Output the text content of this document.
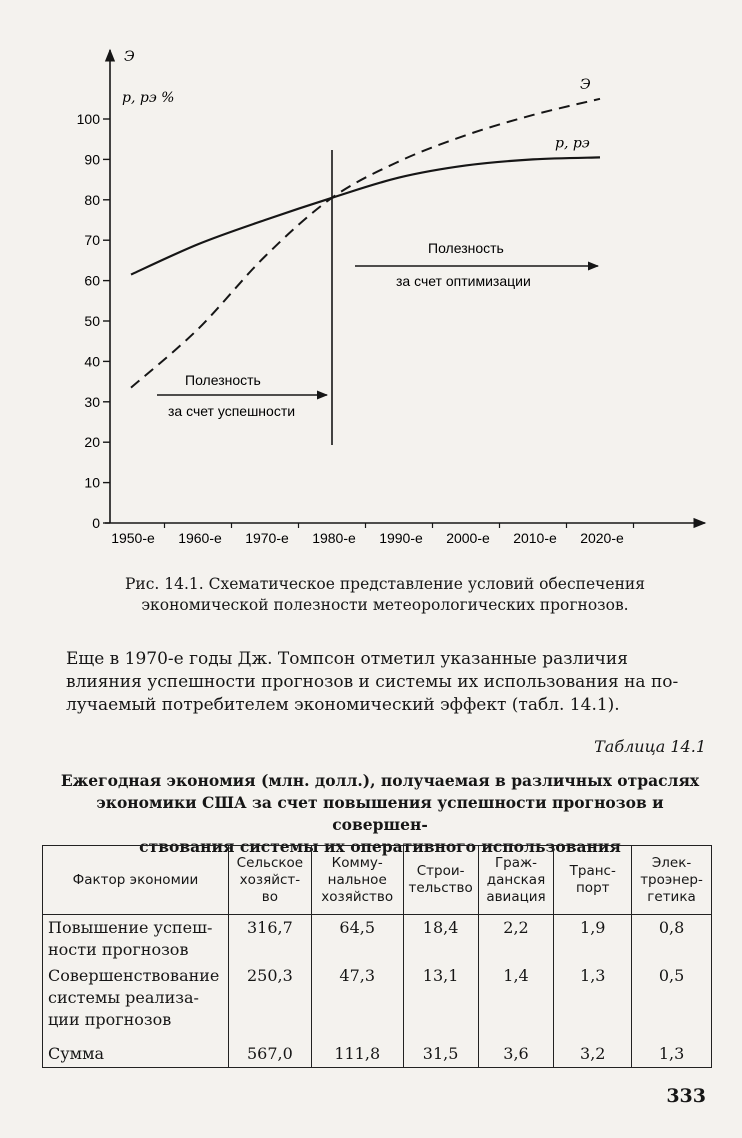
0
10
20
30
40
50
60
70
80
90
100
1950-е 1960-е 1970-е 1980-е 1990-е 2000-е 2010-е 2020-е
p, pэ %
Э
Э
p, pэ
Полезность
за счет успешности
Полезность
за счет оптимизации
Рис. 14.1. Схематическое представление условий обеспечения
экономической полезности метеорологических прогнозов.
Еще в 1970-е годы Дж. Томпсон отметил указанные различия
влияния успешности прогнозов и системы их использования на по-
лучаемый потребителем экономический эффект (табл. 14.1).
Таблица 14.1
Ежегодная экономия (млн. долл.), получаемая в различных отраслях
экономики США за счет повышения успешности прогнозов и совершен-
ствования системы их оперативного использования
Фактор экономии	Сельское хозяйст-во	Комму-нальное хозяйство	Строи-тельство	Граж-данская авиация	Транс-порт	Элек-троэнер-гетика
Повышение успеш-ности прогнозов	316,7	64,5	18,4	2,2	1,9	0,8
Совершенствование системы реализа-ции прогнозов	250,3	47,3	13,1	1,4	1,3	0,5
Сумма	567,0	111,8	31,5	3,6	3,2	1,3
333
